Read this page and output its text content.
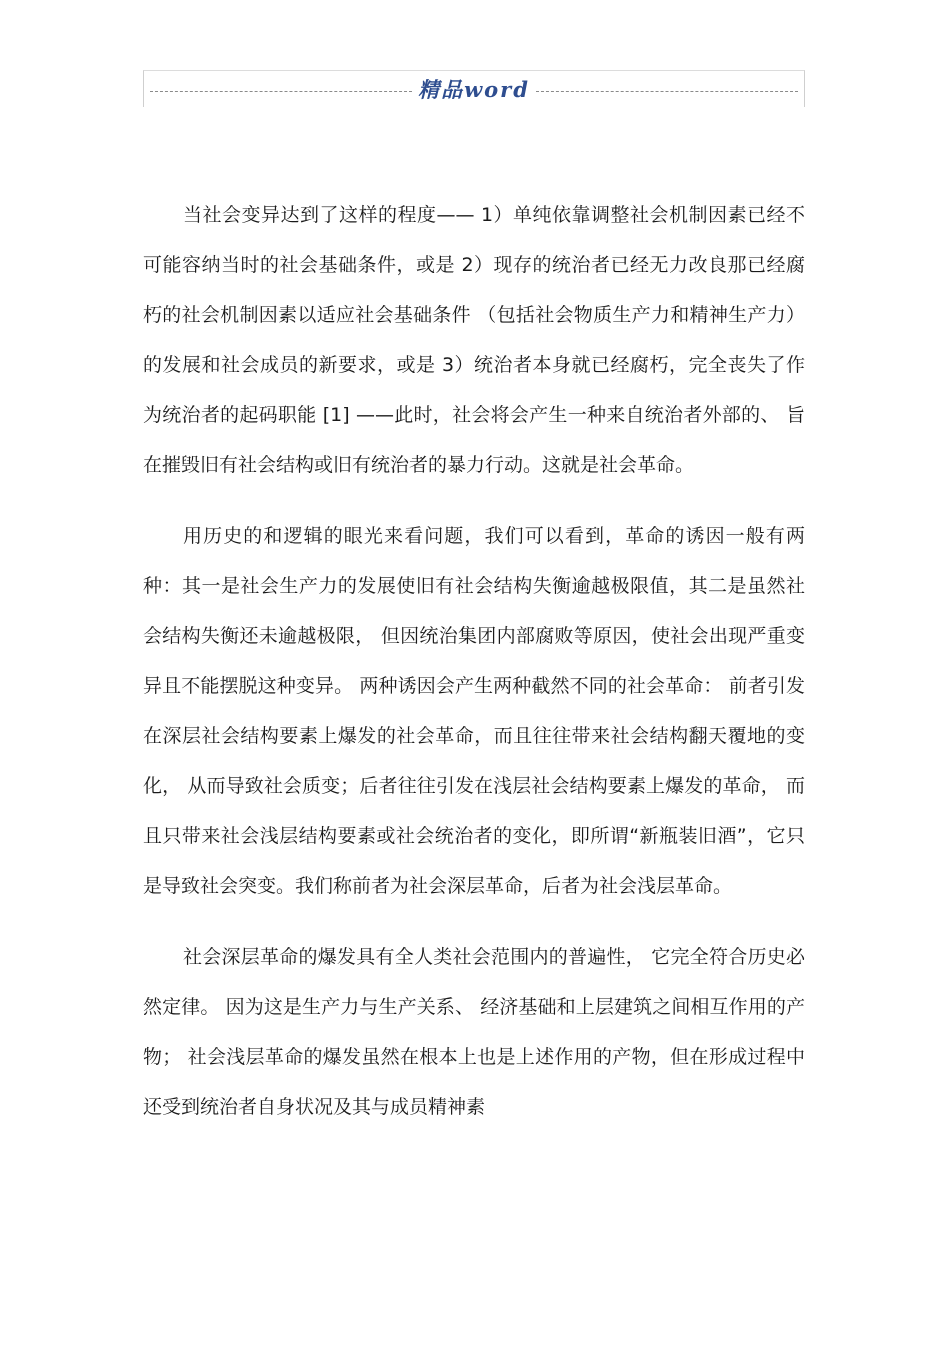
精品word

当社会变异达到了这样的程度—— 1）单纯依靠调整社会机制因素已经不可能容纳当时的社会基础条件，或是 2）现存的统治者已经无力改良那已经腐朽的社会机制因素以适应社会基础条件 （包括社会物质生产力和精神生产力）的发展和社会成员的新要求，或是 3）统治者本身就已经腐朽，完全丧失了作为统治者的起码职能 [1] ——此时，社会将会产生一种来自统治者外部的、 旨在摧毁旧有社会结构或旧有统治者的暴力行动。这就是社会革命。

用历史的和逻辑的眼光来看问题，我们可以看到，革命的诱因一般有两种：其一是社会生产力的发展使旧有社会结构失衡逾越极限值，其二是虽然社会结构失衡还未逾越极限， 但因统治集团内部腐败等原因，使社会出现严重变异且不能摆脱这种变异。 两种诱因会产生两种截然不同的社会革命： 前者引发在深层社会结构要素上爆发的社会革命，而且往往带来社会结构翻天覆地的变化， 从而导致社会质变；后者往往引发在浅层社会结构要素上爆发的革命， 而且只带来社会浅层结构要素或社会统治者的变化，即所谓“新瓶装旧酒”，它只是导致社会突变。我们称前者为社会深层革命，后者为社会浅层革命。

社会深层革命的爆发具有全人类社会范围内的普遍性， 它完全符合历史必然定律。 因为这是生产力与生产关系、 经济基础和上层建筑之间相互作用的产物； 社会浅层革命的爆发虽然在根本上也是上述作用的产物，但在形成过程中还受到统治者自身状况及其与成员精神素
